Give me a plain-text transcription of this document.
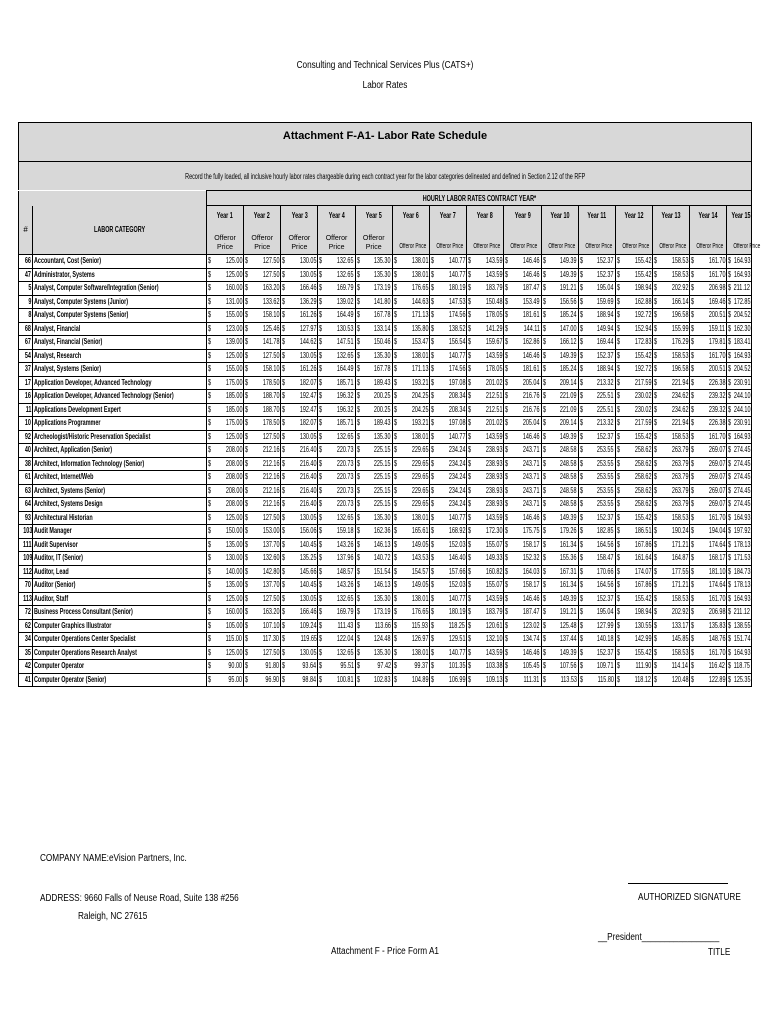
Consulting and Technical Services Plus (CATS+)
Labor Rates
Attachment F-A1- Labor Rate Schedule
Record the fully loaded, all inclusive hourly labor rates chargeable during each contract year for the labor categories delineated and defined in Section 2.12 of the RFP
		HOURLY LABOR RATES CONTRACT YEAR*														
#	LABOR CATEGORY	Year 1	Year 2	Year 3	Year 4	Year 5	Year 6	Year 7	Year 8	Year 9	Year 10	Year 11	Year 12	Year 13	Year 14	Year 15
		Offeror Price	Offeror Price	Offeror Price	Offeror Price	Offeror Price	Offeror Price	Offeror Price	Offeror Price	Offeror Price	Offeror Price	Offeror Price	Offeror Price	Offeror Price	Offeror Price	Offeror Price
66	Accountant, Cost (Senior)	$ 125.00	$ 127.50	$ 130.05	$ 132.65	$ 135.30	$ 138.01	$ 140.77	$ 143.59	$ 146.46	$ 149.39	$ 152.37	$ 155.42	$ 158.53	$ 161.70	$ 164.93

47	Administrator, Systems	$ 125.00	$ 127.50	$ 130.05	$ 132.65	$ 135.30	$ 138.01	$ 140.77	$ 143.59	$ 146.46	$ 149.39	$ 152.37	$ 155.42	$ 158.53	$ 161.70	$ 164.93

5	Analyst, Computer Software/Integration (Senior)	$ 160.00	$ 163.20	$ 166.46	$ 169.79	$ 173.19	$ 176.65	$ 180.19	$ 183.79	$ 187.47	$ 191.21	$ 195.04	$ 198.94	$ 202.92	$ 206.98	$ 211.12

9	Analyst, Computer Systems (Junior)	$ 131.00	$ 133.62	$ 136.29	$ 139.02	$ 141.80	$ 144.63	$ 147.53	$ 150.48	$ 153.49	$ 156.56	$ 159.69	$ 162.88	$ 166.14	$ 169.46	$ 172.85

8	Analyst, Computer Systems (Senior)	$ 155.00	$ 158.10	$ 161.26	$ 164.49	$ 167.78	$ 171.13	$ 174.56	$ 178.05	$ 181.61	$ 185.24	$ 188.94	$ 192.72	$ 196.58	$ 200.51	$ 204.52

68	Analyst, Financial	$ 123.00	$ 125.46	$ 127.97	$ 130.53	$ 133.14	$ 135.80	$ 138.52	$ 141.29	$ 144.11	$ 147.00	$ 149.94	$ 152.94	$ 155.99	$ 159.11	$ 162.30

67	Analyst, Financial (Senior)	$ 139.00	$ 141.78	$ 144.62	$ 147.51	$ 150.46	$ 153.47	$ 156.54	$ 159.67	$ 162.86	$ 166.12	$ 169.44	$ 172.83	$ 176.29	$ 179.81	$ 183.41

54	Analyst, Research	$ 125.00	$ 127.50	$ 130.05	$ 132.65	$ 135.30	$ 138.01	$ 140.77	$ 143.59	$ 146.46	$ 149.39	$ 152.37	$ 155.42	$ 158.53	$ 161.70	$ 164.93

37	Analyst, Systems (Senior)	$ 155.00	$ 158.10	$ 161.26	$ 164.49	$ 167.78	$ 171.13	$ 174.56	$ 178.05	$ 181.61	$ 185.24	$ 188.94	$ 192.72	$ 196.58	$ 200.51	$ 204.52

17	Application Developer, Advanced Technology	$ 175.00	$ 178.50	$ 182.07	$ 185.71	$ 189.43	$ 193.21	$ 197.08	$ 201.02	$ 205.04	$ 209.14	$ 213.32	$ 217.59	$ 221.94	$ 226.38	$ 230.91

16	Application Developer, Advanced Technology (Senior)	$ 185.00	$ 188.70	$ 192.47	$ 196.32	$ 200.25	$ 204.25	$ 208.34	$ 212.51	$ 216.76	$ 221.09	$ 225.51	$ 230.02	$ 234.62	$ 239.32	$ 244.10

11	Applications Development Expert	$ 185.00	$ 188.70	$ 192.47	$ 196.32	$ 200.25	$ 204.25	$ 208.34	$ 212.51	$ 216.76	$ 221.09	$ 225.51	$ 230.02	$ 234.62	$ 239.32	$ 244.10

10	Applications Programmer	$ 175.00	$ 178.50	$ 182.07	$ 185.71	$ 189.43	$ 193.21	$ 197.08	$ 201.02	$ 205.04	$ 209.14	$ 213.32	$ 217.59	$ 221.94	$ 226.38	$ 230.91

92	Archeologist/Historic Preservation Specialist	$ 125.00	$ 127.50	$ 130.05	$ 132.65	$ 135.30	$ 138.01	$ 140.77	$ 143.59	$ 146.46	$ 149.39	$ 152.37	$ 155.42	$ 158.53	$ 161.70	$ 164.93

40	Architect, Application (Senior)	$ 208.00	$ 212.16	$ 216.40	$ 220.73	$ 225.15	$ 229.65	$ 234.24	$ 238.93	$ 243.71	$ 248.58	$ 253.55	$ 258.62	$ 263.79	$ 269.07	$ 274.45

38	Architect, Information Technology (Senior)	$ 208.00	$ 212.16	$ 216.40	$ 220.73	$ 225.15	$ 229.65	$ 234.24	$ 238.93	$ 243.71	$ 248.58	$ 253.55	$ 258.62	$ 263.79	$ 269.07	$ 274.45

61	Architect, Internet/Web	$ 208.00	$ 212.16	$ 216.40	$ 220.73	$ 225.15	$ 229.65	$ 234.24	$ 238.93	$ 243.71	$ 248.58	$ 253.55	$ 258.62	$ 263.79	$ 269.07	$ 274.45

63	Architect, Systems (Senior)	$ 208.00	$ 212.16	$ 216.40	$ 220.73	$ 225.15	$ 229.65	$ 234.24	$ 238.93	$ 243.71	$ 248.58	$ 253.55	$ 258.62	$ 263.79	$ 269.07	$ 274.45

64	Architect, Systems Design	$ 208.00	$ 212.16	$ 216.40	$ 220.73	$ 225.15	$ 229.65	$ 234.24	$ 238.93	$ 243.71	$ 248.58	$ 253.55	$ 258.62	$ 263.79	$ 269.07	$ 274.45

93	Architectural Historian	$ 125.00	$ 127.50	$ 130.05	$ 132.65	$ 135.30	$ 138.01	$ 140.77	$ 143.59	$ 146.46	$ 149.39	$ 152.37	$ 155.42	$ 158.53	$ 161.70	$ 164.93

103	Audit Manager	$ 150.00	$ 153.00	$ 156.06	$ 159.18	$ 162.36	$ 165.61	$ 168.92	$ 172.30	$ 175.75	$ 179.26	$ 182.85	$ 186.51	$ 190.24	$ 194.04	$ 197.92

111	Audit Supervisor	$ 135.00	$ 137.70	$ 140.45	$ 143.26	$ 146.13	$ 149.05	$ 152.03	$ 155.07	$ 158.17	$ 161.34	$ 164.56	$ 167.86	$ 171.21	$ 174.64	$ 178.13

109	Auditor, IT (Senior)	$ 130.00	$ 132.60	$ 135.25	$ 137.96	$ 140.72	$ 143.53	$ 146.40	$ 149.33	$ 152.32	$ 155.36	$ 158.47	$ 161.64	$ 164.87	$ 168.17	$ 171.53

112	Auditor, Lead	$ 140.00	$ 142.80	$ 145.66	$ 148.57	$ 151.54	$ 154.57	$ 157.66	$ 160.82	$ 164.03	$ 167.31	$ 170.66	$ 174.07	$ 177.55	$ 181.10	$ 184.73

70	Auditor (Senior)	$ 135.00	$ 137.70	$ 140.45	$ 143.26	$ 146.13	$ 149.05	$ 152.03	$ 155.07	$ 158.17	$ 161.34	$ 164.56	$ 167.86	$ 171.21	$ 174.64	$ 178.13

113	Auditor, Staff	$ 125.00	$ 127.50	$ 130.05	$ 132.65	$ 135.30	$ 138.01	$ 140.77	$ 143.59	$ 146.46	$ 149.39	$ 152.37	$ 155.42	$ 158.53	$ 161.70	$ 164.93

72	Business Process Consultant (Senior)	$ 160.00	$ 163.20	$ 166.46	$ 169.79	$ 173.19	$ 176.65	$ 180.19	$ 183.79	$ 187.47	$ 191.21	$ 195.04	$ 198.94	$ 202.92	$ 206.98	$ 211.12

62	Computer Graphics Illustrator	$ 105.00	$ 107.10	$ 109.24	$ 111.43	$ 113.66	$ 115.93	$ 118.25	$ 120.61	$ 123.02	$ 125.48	$ 127.99	$ 130.55	$ 133.17	$ 135.83	$ 138.55

34	Computer Operations Center Specialist	$ 115.00	$ 117.30	$ 119.65	$ 122.04	$ 124.48	$ 126.97	$ 129.51	$ 132.10	$ 134.74	$ 137.44	$ 140.18	$ 142.99	$ 145.85	$ 148.76	$ 151.74

35	Computer Operations Research Analyst	$ 125.00	$ 127.50	$ 130.05	$ 132.65	$ 135.30	$ 138.01	$ 140.77	$ 143.59	$ 146.46	$ 149.39	$ 152.37	$ 155.42	$ 158.53	$ 161.70	$ 164.93

42	Computer Operator	$ 90.00	$ 91.80	$ 93.64	$ 95.51	$ 97.42	$ 99.37	$ 101.35	$ 103.38	$ 105.45	$ 107.56	$ 109.71	$ 111.90	$ 114.14	$ 116.42	$ 118.75

41	Computer Operator (Senior)	$ 95.00	$ 96.90	$ 98.84	$ 100.81	$ 102.83	$ 104.89	$ 106.99	$ 109.13	$ 111.31	$ 113.53	$ 115.80	$ 118.12	$ 120.48	$ 122.89	$ 125.35
COMPANY NAME:eVision Partners, Inc.
ADDRESS: 9660 Falls of Neuse Road, Suite 138 #256
Raleigh, NC 27615
AUTHORIZED SIGNATURE
__President_________________
TITLE
Attachment F - Price Form A1
